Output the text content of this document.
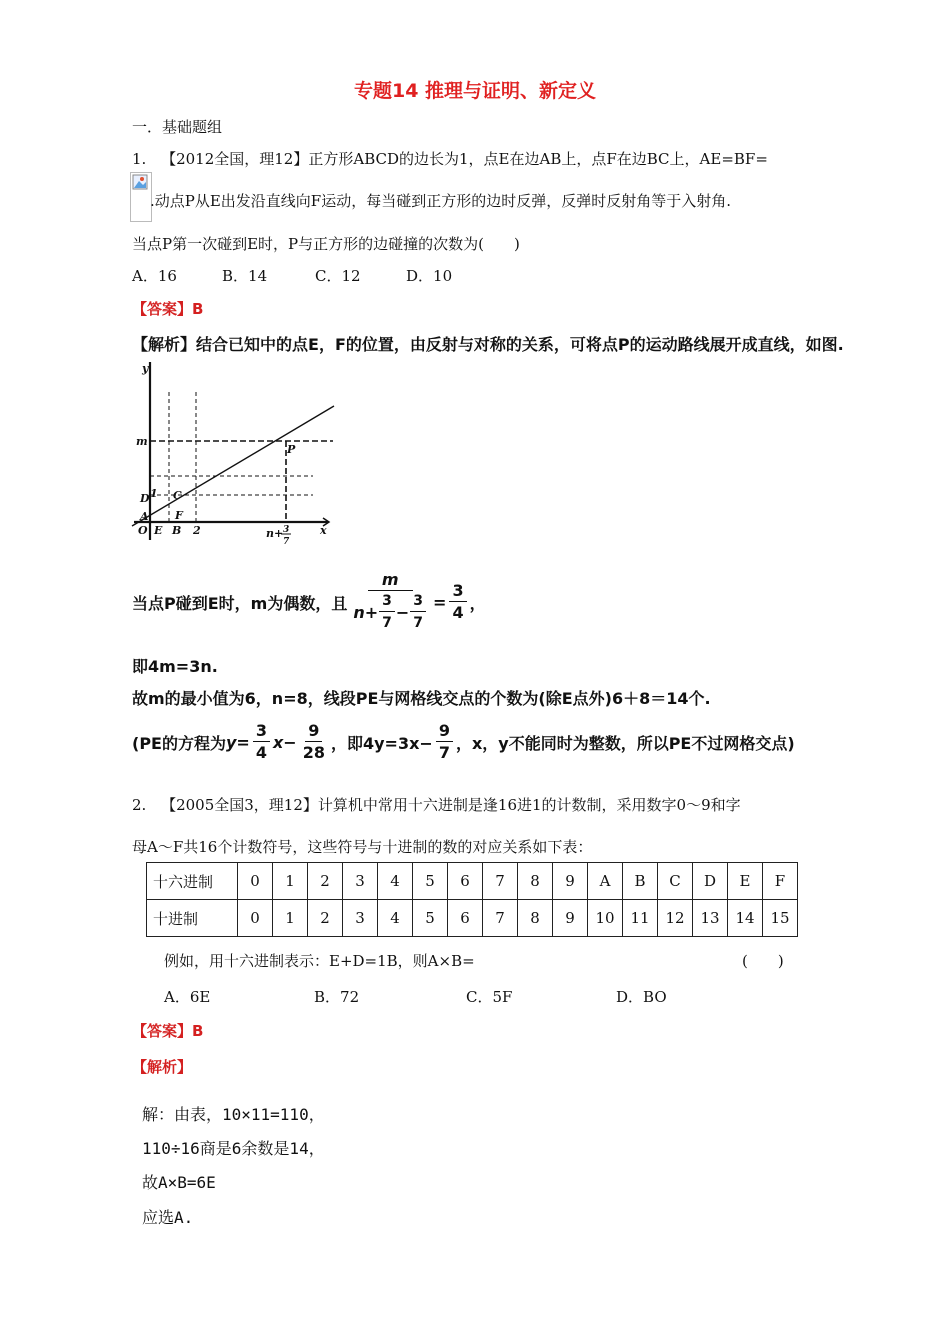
专题14 推理与证明、新定义
一．基础题组
1. 【2012全国，理12】正方形ABCD的边长为1，点E在边AB上，点F在边BC上，AE=BF=
.动点P从E出发沿直线向F运动，每当碰到正方形的边时反弹，反弹时反射角等于入射角.
当点P第一次碰到E时，P与正方形的边碰撞的次数为(　　)
A．16	B．14	C．12	D．10
【答案】B
【解析】结合已知中的点E，F的位置，由反射与对称的关系，可将点P的运动路线展开成直线，如图.
y
x
m
P
D 1 C
F
A
O E B 2	n+ 3
7
当点P碰到E时，m为偶数，且 $\frac{m}{n+ \frac{3}{7} - \frac{3}{7}} = \frac{3}{4}$ ，
即4m=3n.
故m的最小值为6，n=8，线段PE与网格线交点的个数为(除E点外)6＋8＝14个.
(PE的方程为 $y= \frac{3}{4} x- \frac{9}{28}$ ，即$4y=3x- \frac{9}{7}$ ，x，y不能同时为整数，所以PE不过网格交点)
2. 【2005全国3，理12】计算机中常用十六进制是逢16进1的计数制，采用数字0～9和字
母A～F共16个计数符号，这些符号与十进制的数的对应关系如下表：
十六进制	0	1	2	3	4	5	6	7	8	9	A	B	C	D	E	F
十进制	0	1	2	3	4	5	6	7	8	9	10	11	12	13	14	15
例如，用十六进制表示：E+D=1B，则A×B=	(　　)
A．6E	B．72	C．5F	D．BO
【答案】B
【解析】
解：由表，10×11=110，
110÷16商是6余数是14，
故A×B=6E
应选A.
